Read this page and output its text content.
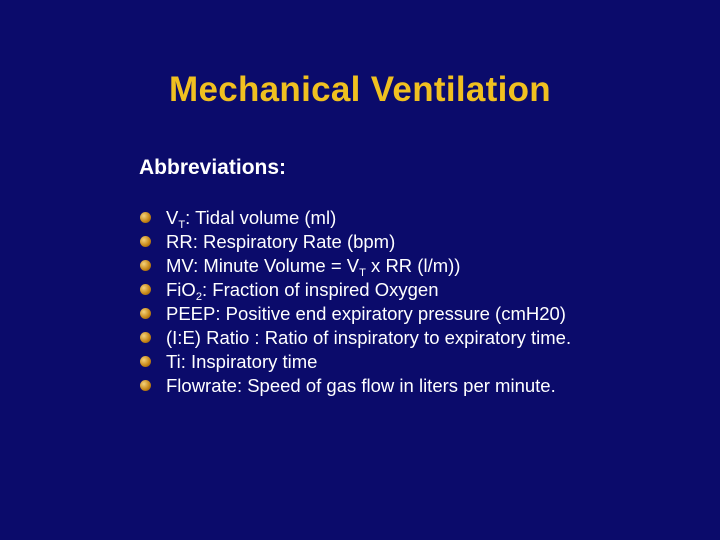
Mechanical Ventilation
Abbreviations:
$V_T$: Tidal volume (ml)
RR: Respiratory Rate (bpm)
MV: Minute Volume = $V_T$ x RR (l/m))
FiO$_2$: Fraction of inspired Oxygen
PEEP: Positive end expiratory pressure (cmH20)
(I:E) Ratio : Ratio of inspiratory to expiratory time.
Ti: Inspiratory time
Flowrate: Speed of gas flow in liters per minute.
